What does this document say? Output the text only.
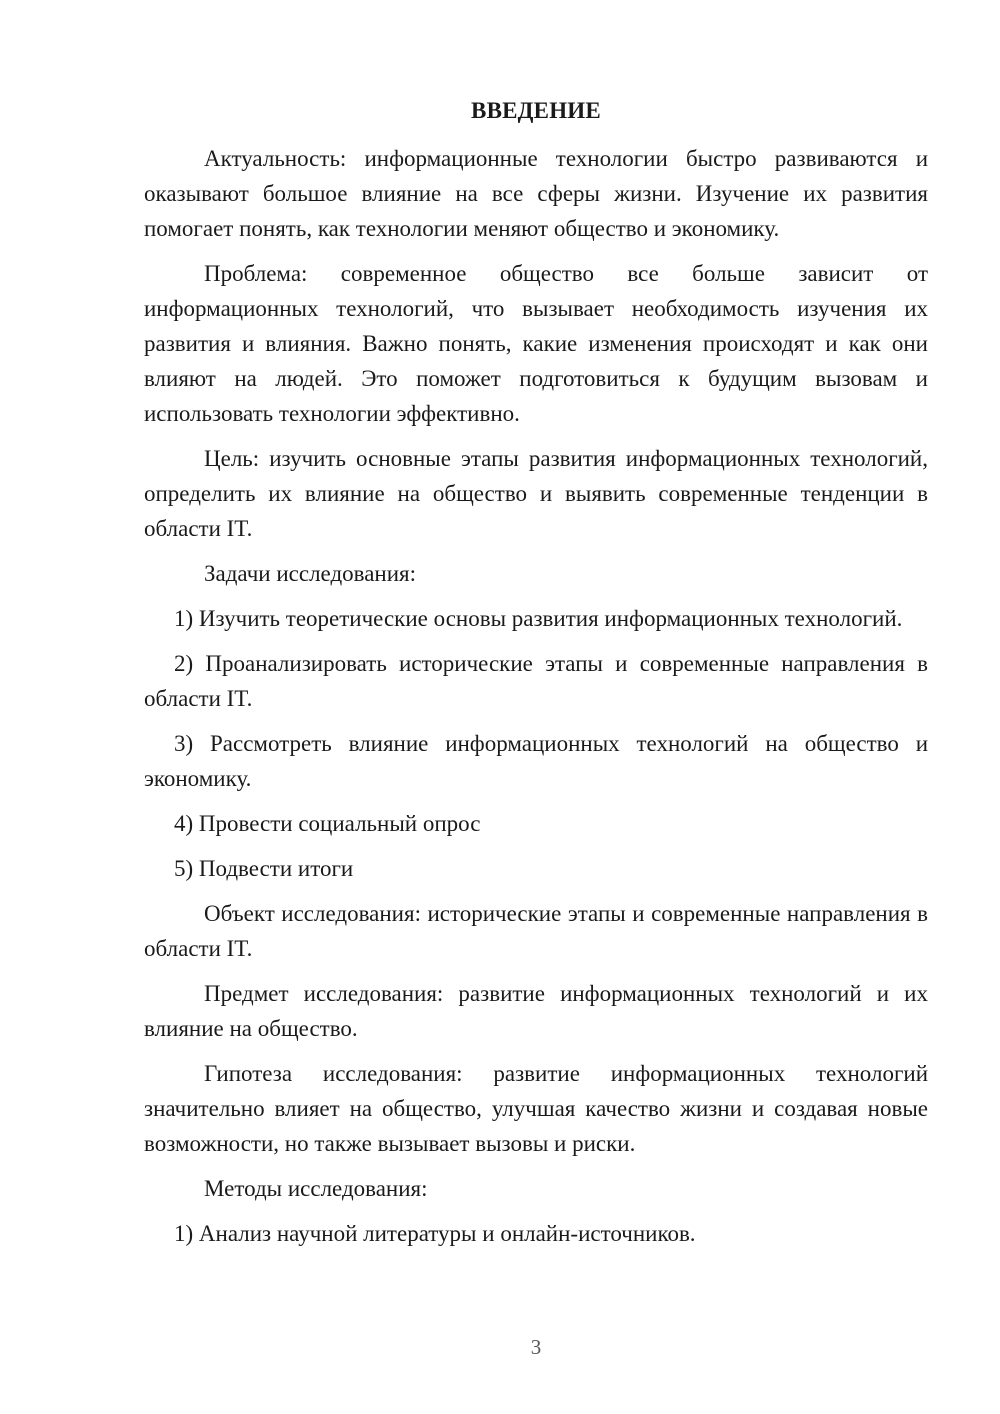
ВВЕДЕНИЕ

Актуальность: информационные технологии быстро развиваются и оказывают большое влияние на все сферы жизни. Изучение их развития помогает понять, как технологии меняют общество и экономику.

Проблема: современное общество все больше зависит от информационных технологий, что вызывает необходимость изучения их развития и влияния. Важно понять, какие изменения происходят и как они влияют на людей. Это поможет подготовиться к будущим вызовам и использовать технологии эффективно.

Цель: изучить основные этапы развития информационных технологий, определить их влияние на общество и выявить современные тенденции в области IT.

Задачи исследования:

1) Изучить теоретические основы развития информационных технологий.

2) Проанализировать исторические этапы и современные направления в области IT.

3) Рассмотреть влияние информационных технологий на общество и экономику.

4) Провести социальный опрос

5) Подвести итоги

Объект исследования: исторические этапы и современные направления в области IT.

Предмет исследования: развитие информационных технологий и их влияние на общество.

Гипотеза исследования: развитие информационных технологий значительно влияет на общество, улучшая качество жизни и создавая новые возможности, но также вызывает вызовы и риски.

Методы исследования:

1) Анализ научной литературы и онлайн-источников.

3
